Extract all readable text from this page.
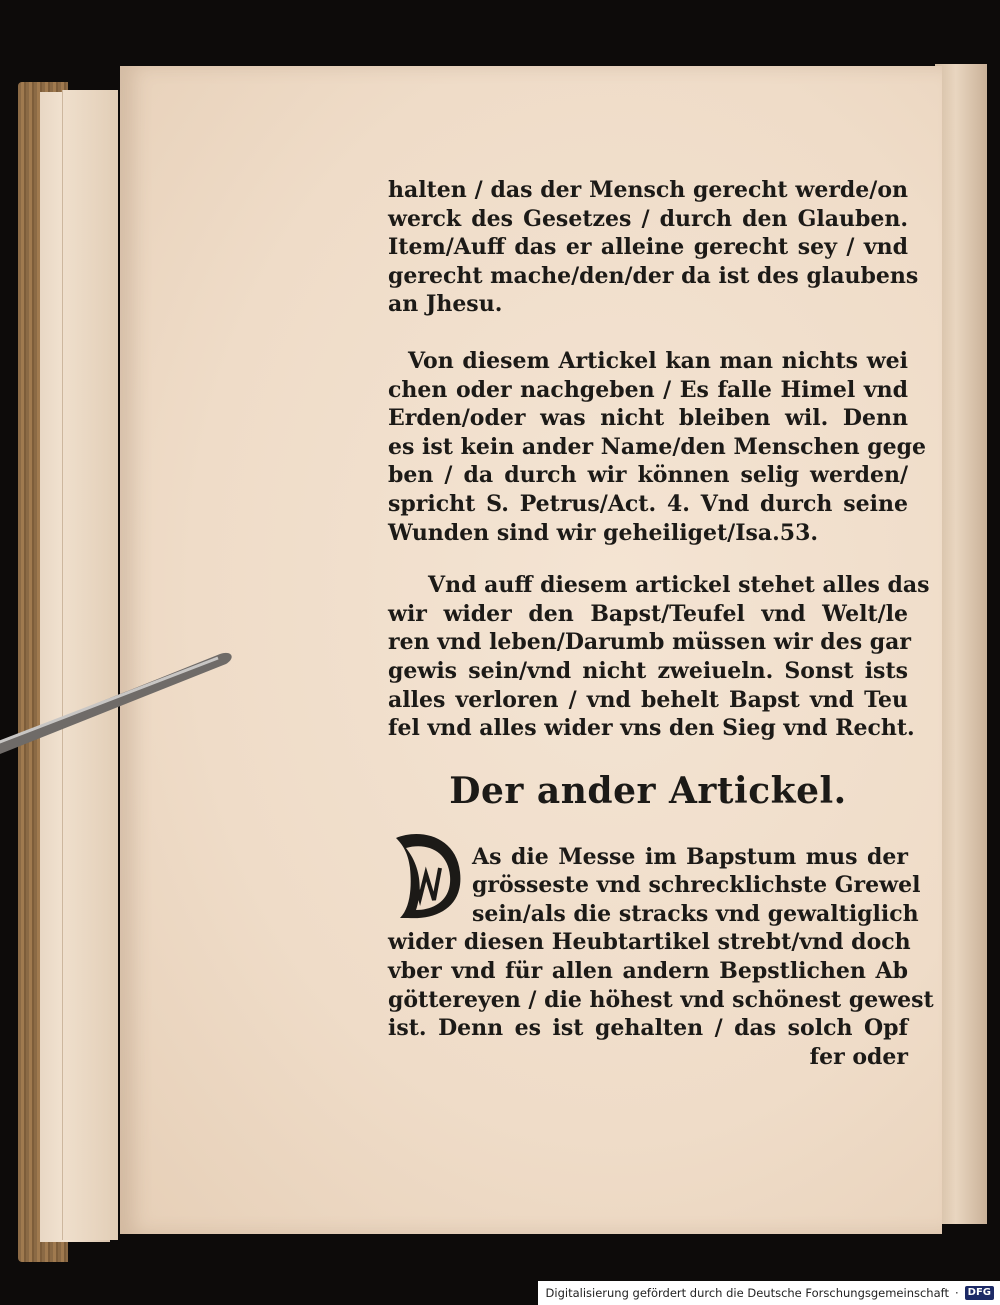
halten / das der Mensch gerecht werde/on
werck des Gesetzes / durch den Glauben.
Item/Auff das er alleine gerecht sey / vnd
gerecht mache/den/der da ist des glaubens
an Jhesu.
Von diesem Artickel kan man nichts wei
chen oder nachgeben / Es falle Himel vnd
Erden/oder was nicht bleiben wil. Denn
es ist kein ander Name/den Menschen gege
ben / da durch wir können selig werden/
spricht S. Petrus/Act. 4. Vnd durch seine
Wunden sind wir geheiliget/Isa.53.
Vnd auff diesem artickel stehet alles das
wir wider den Bapst/Teufel vnd Welt/le
ren vnd leben/Darumb müssen wir des gar
gewis sein/vnd nicht zweiueln. Sonst ists
alles verloren / vnd behelt Bapst vnd Teu
fel vnd alles wider vns den Sieg vnd Recht.
Der ander Artickel.
As die Messe im Bapstum mus der
grösseste vnd schrecklichste Grewel
sein/als die stracks vnd gewaltiglich
wider diesen Heubtartikel strebt/vnd doch
vber vnd für allen andern Bepstlichen Ab
göttereyen / die höhest vnd schönest gewest
ist. Denn es ist gehalten / das solch Opf
fer oder
Digitalisierung gefördert durch die Deutsche Forschungsgemeinschaft · DFG
